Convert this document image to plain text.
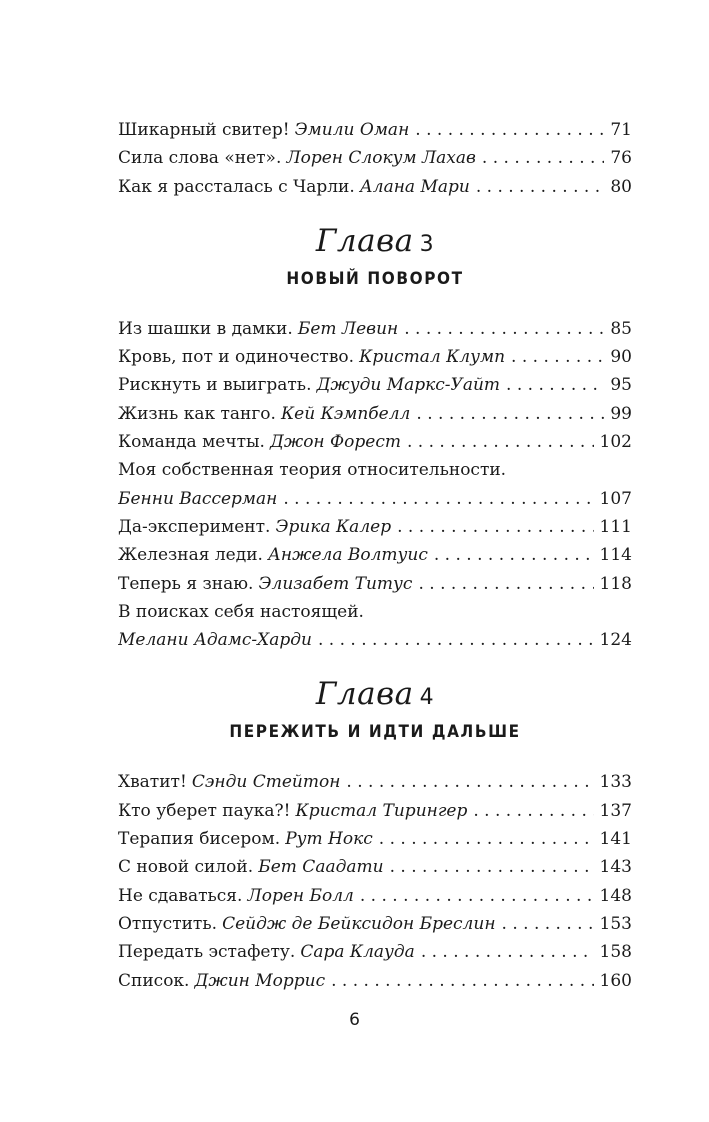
Шикарный свитер! Эмили Оман . . .	71
Сила слова «нет». Лорен Слокум Лахав . . .	76
Как я рассталась с Чарли. Алана Мари . . .	80
Глава 3
НОВЫЙ ПОВОРОТ
Из шашки в дамки. Бет Левин . . .	85
Кровь, пот и одиночество. Кристал Клумп . . .	90
Рискнуть и выиграть. Джуди Маркс-Уайт . . .	95
Жизнь как танго. Кей Кэмпбелл . . .	99
Команда мечты. Джон Форест . . .	102
Моя собственная теория относительности.
Бенни Вассерман . . .	107
Да-эксперимент. Эрика Калер . . .	111
Железная леди. Анжела Волтуис . . .	114
Теперь я знаю. Элизабет Титус . . .	118
В поисках себя настоящей.
Мелани Адамс-Харди . . .	124
Глава 4
ПЕРЕЖИТЬ И ИДТИ ДАЛЬШЕ
Хватит! Сэнди Стейтон . . .	133
Кто уберет паука?! Кристал Тирингер . . .	137
Терапия бисером. Рут Нокс . . .	141
С новой силой. Бет Саадати . . .	143
Не сдаваться. Лорен Болл . . .	148
Отпустить. Сейдж де Бейксидон Бреслин . . .	153
Передать эстафету. Сара Клауда . . .	158
Список. Джин Моррис . . .	160
6
